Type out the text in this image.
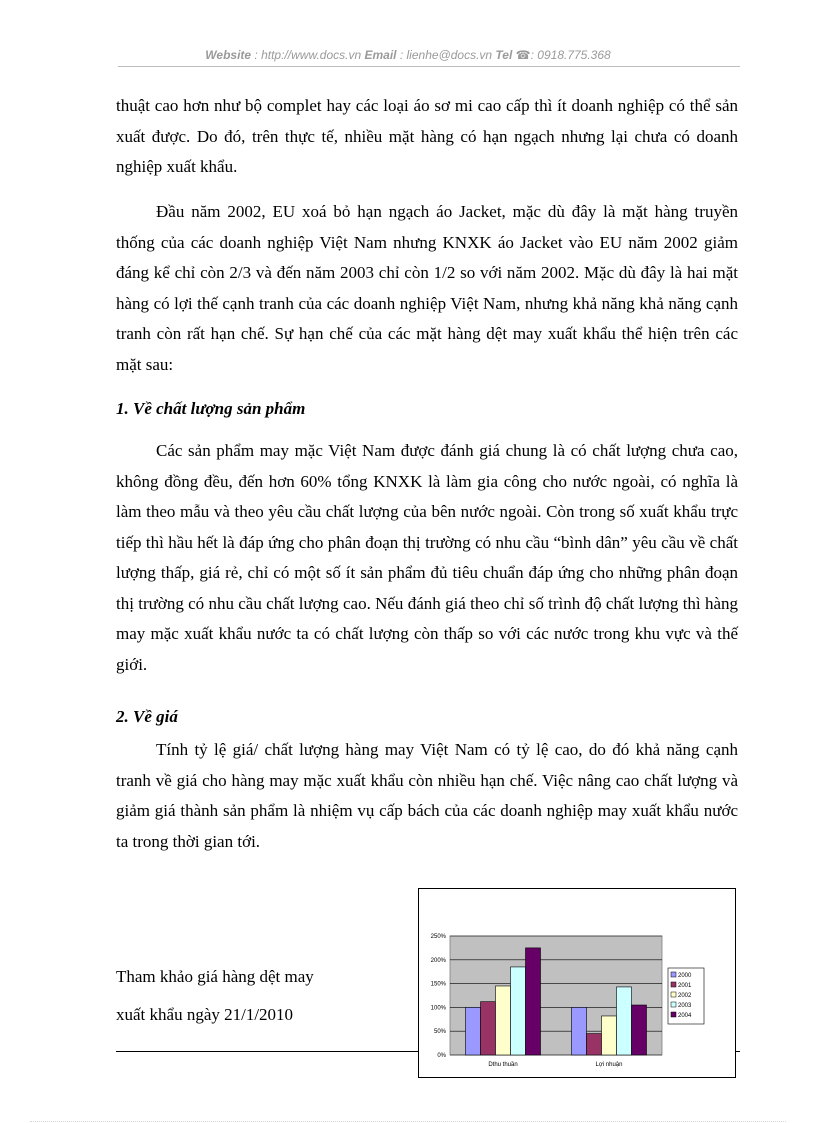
Website : http://www.docs.vn Email : lienhe@docs.vn Tel ☎: 0918.775.368

thuật cao hơn như bộ complet hay các loại áo sơ mi cao cấp thì ít doanh nghiệp có thể sản xuất được. Do đó, trên thực tế, nhiều mặt hàng có hạn ngạch nhưng lại chưa có doanh nghiệp xuất khẩu.

Đầu năm 2002, EU xoá bỏ hạn ngạch áo Jacket, mặc dù đây là mặt hàng truyền thống của các doanh nghiệp Việt Nam nhưng KNXK áo Jacket vào EU năm 2002 giảm đáng kể chỉ còn 2/3 và đến năm 2003 chỉ còn 1/2 so với năm 2002. Mặc dù đây là hai mặt hàng có lợi thế cạnh tranh của các doanh nghiệp Việt Nam, nhưng khả năng khả năng cạnh tranh còn rất hạn chế. Sự hạn chế của các mặt hàng dệt may xuất khẩu thể hiện trên các mặt sau:

1. Về chất lượng sản phẩm

Các sản phẩm may mặc Việt Nam được đánh giá chung là có chất lượng chưa cao, không đồng đều, đến hơn 60% tổng KNXK là làm gia công cho nước ngoài, có nghĩa là làm theo mẫu và theo yêu cầu chất lượng của bên nước ngoài. Còn trong số xuất khẩu trực tiếp thì hầu hết là đáp ứng cho phân đoạn thị trường có nhu cầu “bình dân” yêu cầu về chất lượng thấp, giá rẻ, chỉ có một số ít sản phẩm đủ tiêu chuẩn đáp ứng cho những phân đoạn thị trường có nhu cầu chất lượng cao. Nếu đánh giá theo chỉ số trình độ chất lượng thì hàng may mặc xuất khẩu nước ta có chất lượng còn thấp so với các nước trong khu vực và thế giới.

2. Về giá

Tính tỷ lệ giá/ chất lượng hàng may Việt Nam có tỷ lệ cao, do đó khả năng cạnh tranh về giá cho hàng may mặc xuất khẩu còn nhiều hạn chế. Việc nâng cao chất lượng và giảm giá thành sản phẩm là nhiệm vụ cấp bách của các doanh nghiệp may xuất khẩu nước ta trong thời gian tới.

Tham khảo giá hàng dệt may
xuất khẩu ngày 21/1/2010
0%
50%
100%
150%
200%
250%
Dthu thuần	Lợi nhuận
2000
2001
2002
2003
2004
